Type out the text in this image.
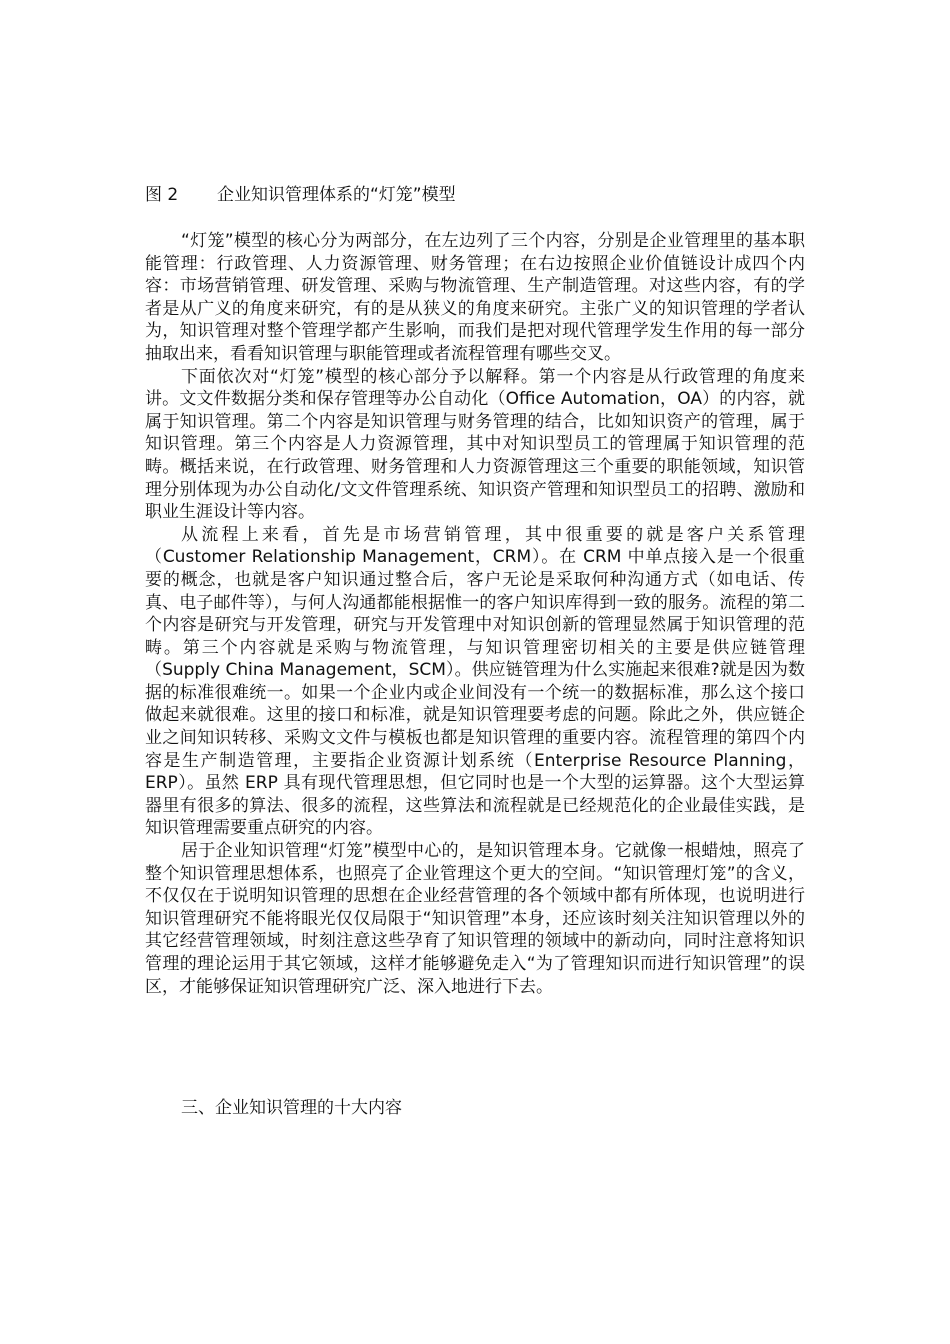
图 2 企业知识管理体系的“灯笼”模型

“灯笼”模型的核心分为两部分，在左边列了三个内容，分别是企业管理里的基本职能管理：行政管理、人力资源管理、财务管理；在右边按照企业价值链设计成四个内容：市场营销管理、研发管理、采购与物流管理、生产制造管理。对这些内容，有的学者是从广义的角度来研究，有的是从狭义的角度来研究。主张广义的知识管理的学者认为，知识管理对整个管理学都产生影响，而我们是把对现代管理学发生作用的每一部分抽取出来，看看知识管理与职能管理或者流程管理有哪些交叉。

下面依次对“灯笼”模型的核心部分予以解释。第一个内容是从行政管理的角度来讲。文文件数据分类和保存管理等办公自动化（Office Automation，OA）的内容，就属于知识管理。第二个内容是知识管理与财务管理的结合，比如知识资产的管理，属于知识管理。第三个内容是人力资源管理，其中对知识型员工的管理属于知识管理的范畴。概括来说，在行政管理、财务管理和人力资源管理这三个重要的职能领域，知识管理分别体现为办公自动化/文文件管理系统、知识资产管理和知识型员工的招聘、激励和职业生涯设计等内容。

从流程上来看，首先是市场营销管理，其中很重要的就是客户关系管理（Customer Relationship Management，CRM）。在 CRM 中单点接入是一个很重要的概念，也就是客户知识通过整合后，客户无论是采取何种沟通方式（如电话、传真、电子邮件等），与何人沟通都能根据惟一的客户知识库得到一致的服务。流程的第二个内容是研究与开发管理，研究与开发管理中对知识创新的管理显然属于知识管理的范畴。第三个内容就是采购与物流管理，与知识管理密切相关的主要是供应链管理（Supply China Management，SCM）。供应链管理为什么实施起来很难?就是因为数据的标准很难统一。如果一个企业内或企业间没有一个统一的数据标准，那么这个接口做起来就很难。这里的接口和标准，就是知识管理要考虑的问题。除此之外，供应链企业之间知识转移、采购文文件与模板也都是知识管理的重要内容。流程管理的第四个内容是生产制造管理，主要指企业资源计划系统（Enterprise Resource Planning，ERP）。虽然 ERP 具有现代管理思想，但它同时也是一个大型的运算器。这个大型运算器里有很多的算法、很多的流程，这些算法和流程就是已经规范化的企业最佳实践，是知识管理需要重点研究的内容。

居于企业知识管理“灯笼”模型中心的，是知识管理本身。它就像一根蜡烛，照亮了整个知识管理思想体系，也照亮了企业管理这个更大的空间。“知识管理灯笼”的含义，不仅仅在于说明知识管理的思想在企业经营管理的各个领域中都有所体现，也说明进行知识管理研究不能将眼光仅仅局限于“知识管理”本身，还应该时刻关注知识管理以外的其它经营管理领域，时刻注意这些孕育了知识管理的领域中的新动向，同时注意将知识管理的理论运用于其它领域，这样才能够避免走入“为了管理知识而进行知识管理”的误区，才能够保证知识管理研究广泛、深入地进行下去。

三、企业知识管理的十大内容
